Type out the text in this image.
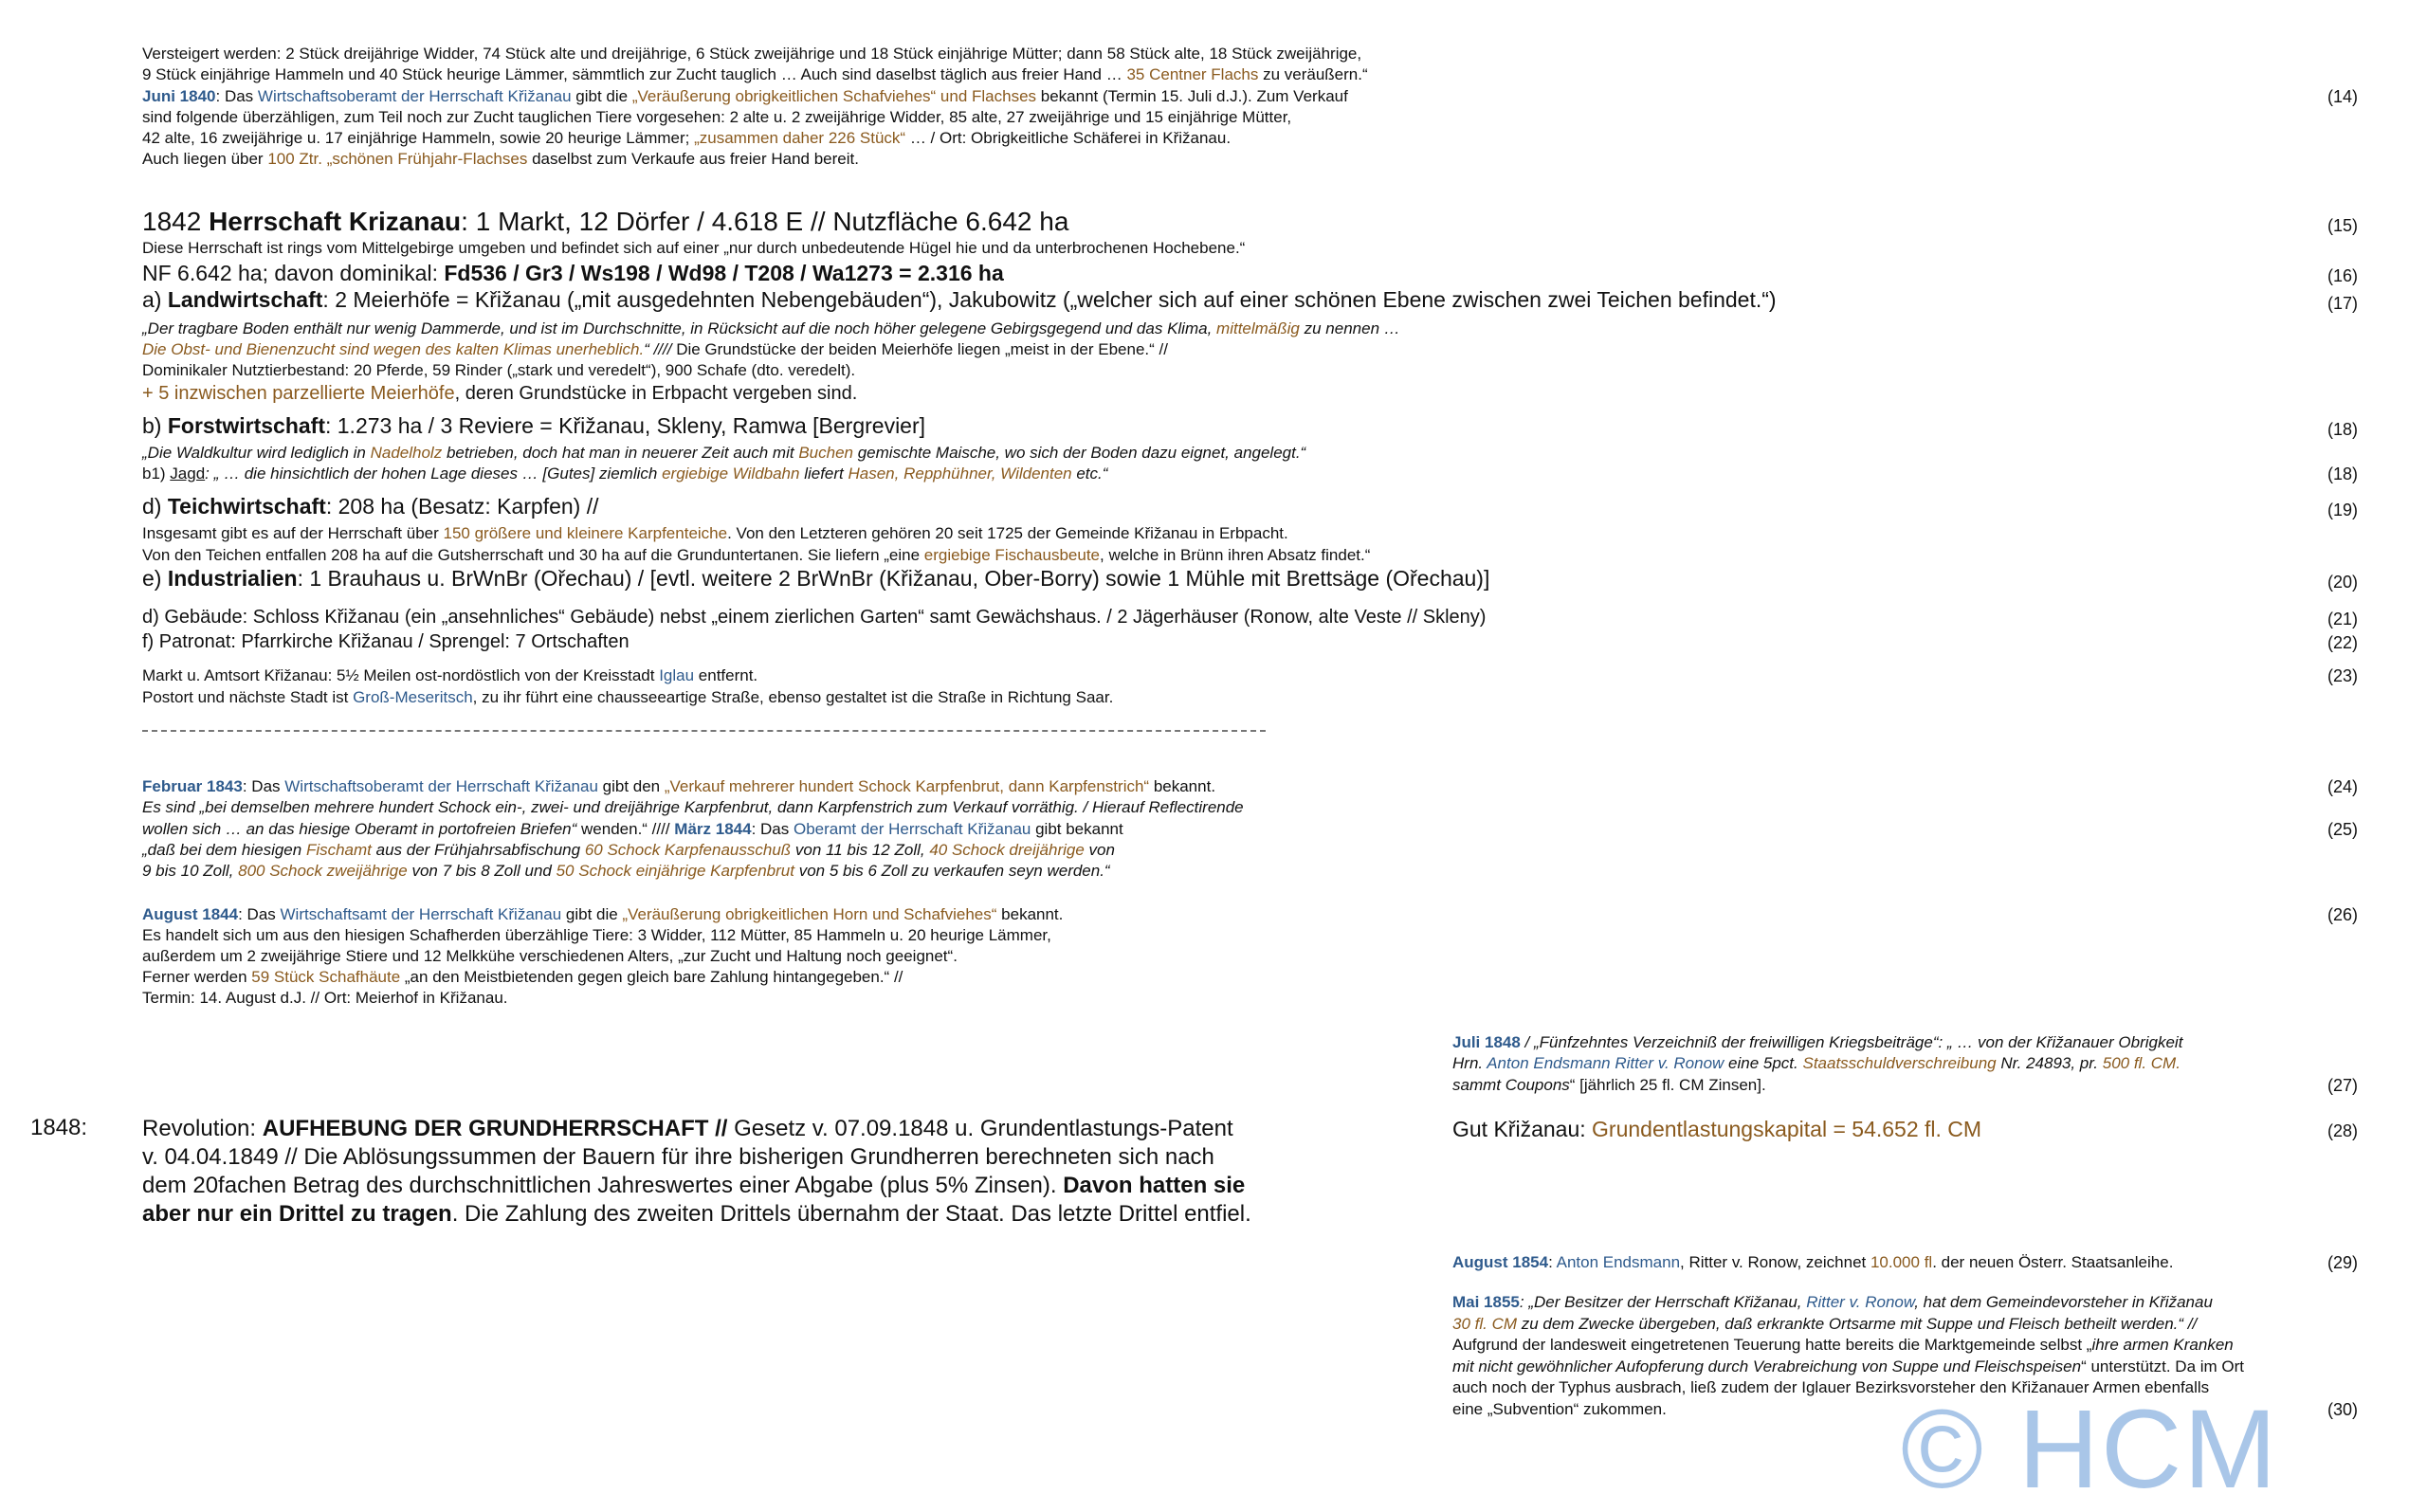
Versteigert werden: 2 Stück dreijährige Widder, 74 Stück alte und dreijährige, 6 Stück zweijährige und 18 Stück einjährige Mütter; dann 58 Stück alte, 18 Stück zweijährige,
9 Stück einjährige Hammeln und 40 Stück heurige Lämmer, sämmtlich zur Zucht tauglich … Auch sind daselbst täglich aus freier Hand … 35 Centner Flachs zu veräußern.“
Juni 1840: Das Wirtschaftsoberamt der Herrschaft Křižanau gibt die „Veräußerung obrigkeitlichen Schafviehes“ und Flachses bekannt (Termin 15. Juli d.J.). Zum Verkauf	(14)
sind folgende überzähligen, zum Teil noch zur Zucht tauglichen Tiere vorgesehen: 2 alte u. 2 zweijährige Widder, 85 alte, 27 zweijährige und 15 einjährige Mütter,
42 alte, 16 zweijährige u. 17 einjährige Hammeln, sowie 20 heurige Lämmer; „zusammen daher 226 Stück“ … / Ort: Obrigkeitliche Schäferei in Křižanau.
Auch liegen über 100 Ztr. „schönen Frühjahr-Flachses daselbst zum Verkaufe aus freier Hand bereit.
1842 Herrschaft Krizanau: 1 Markt, 12 Dörfer / 4.618 E // Nutzfläche 6.642 ha	(15)
Diese Herrschaft ist rings vom Mittelgebirge umgeben und befindet sich auf einer „nur durch unbedeutende Hügel hie und da unterbrochenen Hochebene.“
NF 6.642 ha; davon dominikal: Fd536 / Gr3 / Ws198 / Wd98 / T208 / Wa1273 = 2.316 ha	(16)
a) Landwirtschaft: 2 Meierhöfe = Křižanau („mit ausgedehnten Nebengebäuden“), Jakubowitz („welcher sich auf einer schönen Ebene zwischen zwei Teichen befindet.“)	(17)
„Der tragbare Boden enthält nur wenig Dammerde, und ist im Durchschnitte, in Rücksicht auf die noch höher gelegene Gebirgsgegend und das Klima, mittelmäßig zu nennen …
Die Obst- und Bienenzucht sind wegen des kalten Klimas unerheblich.“ //// Die Grundstücke der beiden Meierhöfe liegen „meist in der Ebene.“ //
Dominikaler Nutztierbestand: 20 Pferde, 59 Rinder („stark und veredelt“), 900 Schafe (dto. veredelt).
+ 5 inzwischen parzellierte Meierhöfe, deren Grundstücke in Erbpacht vergeben sind.
b) Forstwirtschaft: 1.273 ha / 3 Reviere = Křižanau, Skleny, Ramwa [Bergrevier]	(18)
„Die Waldkultur wird lediglich in Nadelholz betrieben, doch hat man in neuerer Zeit auch mit Buchen gemischte Maische, wo sich der Boden dazu eignet, angelegt.“
b1) Jagd: „ … die hinsichtlich der hohen Lage dieses … [Gutes] ziemlich ergiebige Wildbahn liefert Hasen, Repphühner, Wildenten etc.“	(18)
d) Teichwirtschaft: 208 ha (Besatz: Karpfen) //	(19)
Insgesamt gibt es auf der Herrschaft über 150 größere und kleinere Karpfenteiche. Von den Letzteren gehören 20 seit 1725 der Gemeinde Křižanau in Erbpacht.
Von den Teichen entfallen 208 ha auf die Gutsherrschaft und 30 ha auf die Grunduntertanen. Sie liefern „eine ergiebige Fischausbeute, welche in Brünn ihren Absatz findet.“
e) Industrialien: 1 Brauhaus u. BrWnBr (Ořechau) / [evtl. weitere 2 BrWnBr (Křižanau, Ober-Borry) sowie 1 Mühle mit Brettsäge (Ořechau)]	(20)
d) Gebäude: Schloss Křižanau (ein „ansehnliches“ Gebäude) nebst „einem zierlichen Garten“ samt Gewächshaus. / 2 Jägerhäuser (Ronow, alte Veste // Skleny)	(21)
f) Patronat: Pfarrkirche Křižanau / Sprengel: 7 Ortschaften	(22)
Markt u. Amtsort Křižanau: 5½ Meilen ost-nordöstlich von der Kreisstadt Iglau entfernt.	(23)
Postort und nächste Stadt ist Groß-Meseritsch, zu ihr führt eine chausseeartige Straße, ebenso gestaltet ist die Straße in Richtung Saar.
Februar 1843: Das Wirtschaftsoberamt der Herrschaft Křižanau gibt den „Verkauf mehrerer hundert Schock Karpfenbrut, dann Karpfenstrich“ bekannt.	(24)
Es sind „bei demselben mehrere hundert Schock ein-, zwei- und dreijährige Karpfenbrut, dann Karpfenstrich zum Verkauf vorräthig. / Hierauf Reflectirende
wollen sich … an das hiesige Oberamt in portofreien Briefen“ wenden.“ //// März 1844: Das Oberamt der Herrschaft Křižanau gibt bekannt	(25)
„daß bei dem hiesigen Fischamt aus der Frühjahrsabfischung 60 Schock Karpfenausschuß von 11 bis 12 Zoll, 40 Schock dreijährige von
9 bis 10 Zoll, 800 Schock zweijährige von 7 bis 8 Zoll und 50 Schock einjährige Karpfenbrut von 5 bis 6 Zoll zu verkaufen seyn werden.“
August 1844: Das Wirtschaftsamt der Herrschaft Křižanau gibt die „Veräußerung obrigkeitlichen Horn und Schafviehes“ bekannt.	(26)
Es handelt sich um aus den hiesigen Schafherden überzählige Tiere: 3 Widder, 112 Mütter, 85 Hammeln u. 20 heurige Lämmer,
außerdem um 2 zweijährige Stiere und 12 Melkkühe verschiedenen Alters, „zur Zucht und Haltung noch geeignet“.
Ferner werden 59 Stück Schafhäute „an den Meistbietenden gegen gleich bare Zahlung hintangegeben.“ //
Termin: 14. August d.J. // Ort: Meierhof in Křižanau.
Juli 1848 / „Fünfzehntes Verzeichniß der freiwilligen Kriegsbeiträge“: „ … von der Křižanauer Obrigkeit
Hrn. Anton Endsmann Ritter v. Ronow eine 5pct. Staatsschuldverschreibung Nr. 24893, pr. 500 fl. CM.
sammt Coupons“ [jährlich 25 fl. CM Zinsen].	(27)
Gut Křižanau: Grundentlastungskapital = 54.652 fl. CM	(28)
August 1854: Anton Endsmann, Ritter v. Ronow, zeichnet 10.000 fl. der neuen Österr. Staatsanleihe.	(29)
Mai 1855: „Der Besitzer der Herrschaft Křižanau, Ritter v. Ronow, hat dem Gemeindevorsteher in Křižanau
30 fl. CM zu dem Zwecke übergeben, daß erkrankte Ortsarme mit Suppe und Fleisch betheilt werden.“ //
Aufgrund der landesweit eingetretenen Teuerung hatte bereits die Marktgemeinde selbst „ihre armen Kranken
mit nicht gewöhnlicher Aufopferung durch Verabreichung von Suppe und Fleischspeisen“ unterstützt. Da im Ort
auch noch der Typhus ausbrach, ließ zudem der Iglauer Bezirksvorsteher den Křižanauer Armen ebenfalls
eine „Subvention“ zukommen.	(30)
1848: Revolution: AUFHEBUNG DER GRUNDHERRSCHAFT // Gesetz v. 07.09.1848 u. Grundentlastungs-Patent
v. 04.04.1849 // Die Ablösungssummen der Bauern für ihre bisherigen Grundherren berechneten sich nach
dem 20fachen Betrag des durchschnittlichen Jahreswertes einer Abgabe (plus 5% Zinsen). Davon hatten sie
aber nur ein Drittel zu tragen. Die Zahlung des zweiten Drittels übernahm der Staat. Das letzte Drittel entfiel.
© HCM
